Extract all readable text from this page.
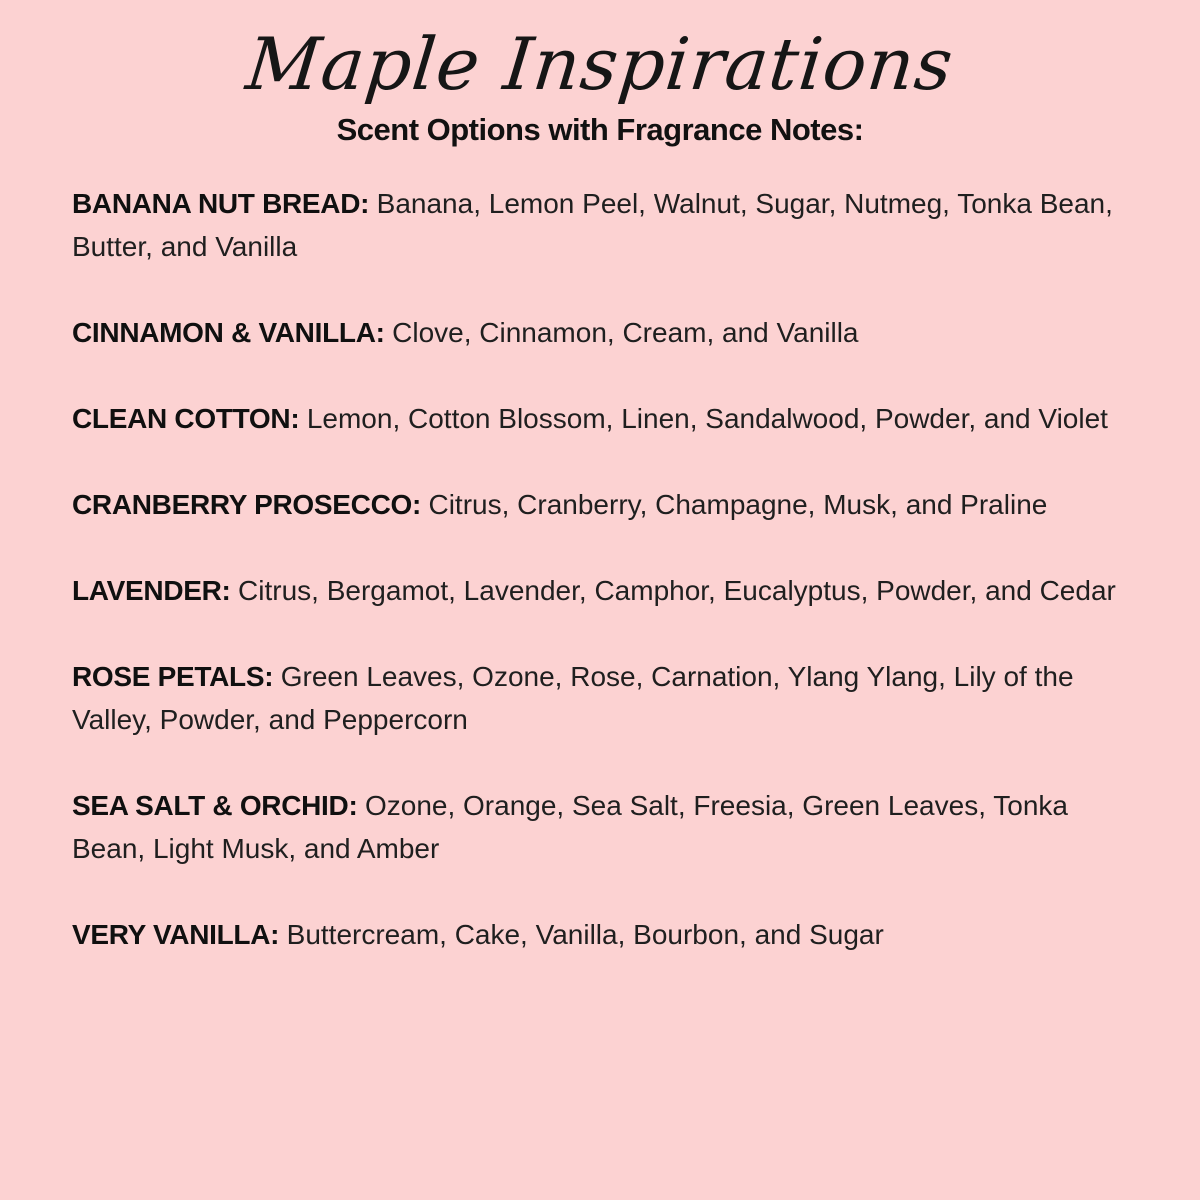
Maple Inspirations
Scent Options with Fragrance Notes:

BANANA NUT BREAD: Banana, Lemon Peel, Walnut, Sugar, Nutmeg, Tonka Bean, Butter, and Vanilla

CINNAMON & VANILLA: Clove, Cinnamon, Cream, and Vanilla

CLEAN COTTON: Lemon, Cotton Blossom, Linen, Sandalwood, Powder, and Violet

CRANBERRY PROSECCO: Citrus, Cranberry, Champagne, Musk, and Praline

LAVENDER: Citrus, Bergamot, Lavender, Camphor, Eucalyptus, Powder, and Cedar

ROSE PETALS: Green Leaves, Ozone, Rose, Carnation, Ylang Ylang, Lily of the Valley, Powder, and Peppercorn

SEA SALT & ORCHID: Ozone, Orange, Sea Salt, Freesia, Green Leaves, Tonka Bean, Light Musk, and Amber

VERY VANILLA: Buttercream, Cake, Vanilla, Bourbon, and Sugar
